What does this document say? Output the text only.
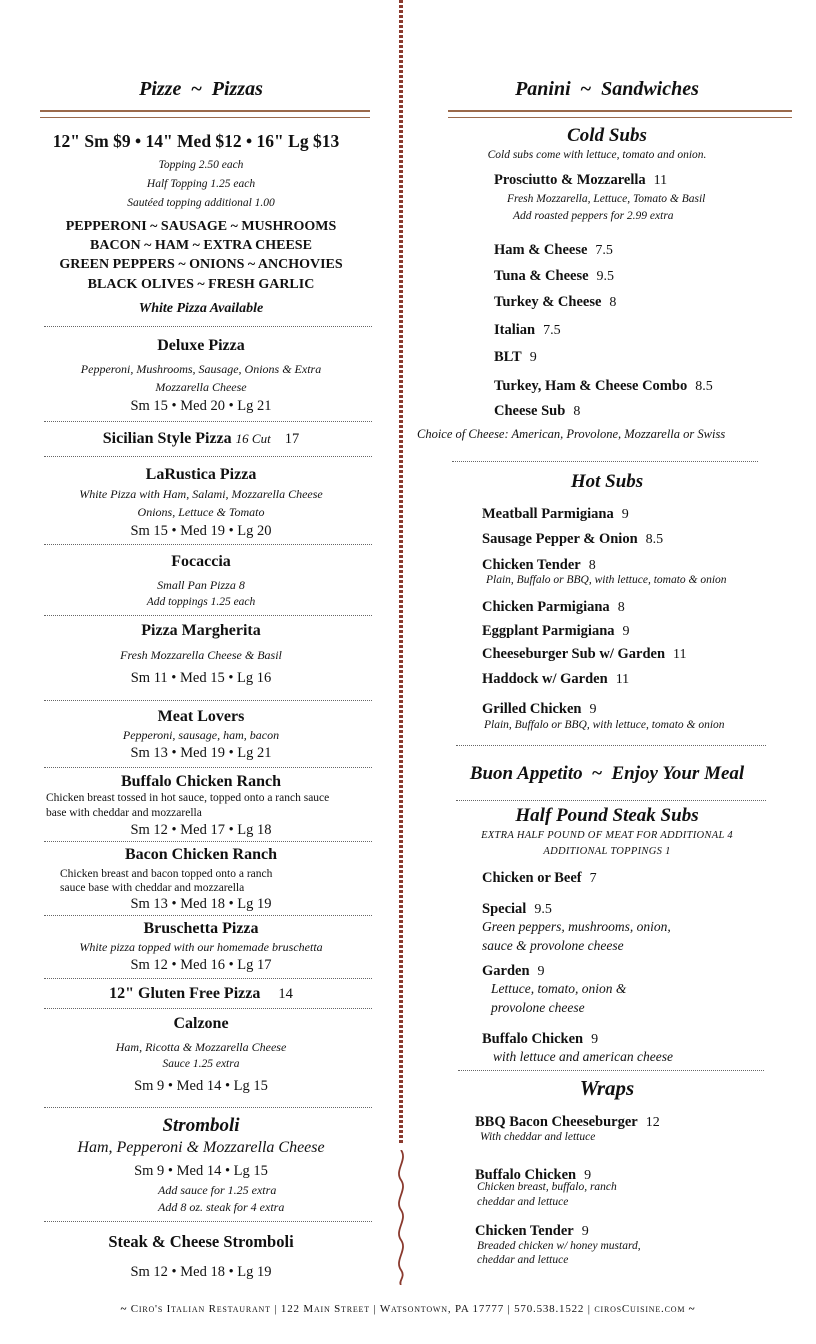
Pizze  ~  Pizzas
12" Sm $9 • 14" Med $12 • 16" Lg $13
Topping 2.50 each
Half Topping 1.25 each
Sautéed topping additional 1.00
PEPPERONI ~ SAUSAGE ~ MUSHROOMS
BACON ~ HAM ~ EXTRA CHEESE
GREEN PEPPERS ~ ONIONS ~ ANCHOVIES
BLACK OLIVES ~ FRESH GARLIC
White Pizza Available
Deluxe Pizza
Pepperoni, Mushrooms, Sausage, Onions & Extra
Mozzarella Cheese
Sm 15 • Med 20 • Lg 21
Sicilian Style Pizza 16 Cut 17
LaRustica Pizza
White Pizza with Ham, Salami, Mozzarella Cheese
Onions, Lettuce & Tomato
Sm 15 • Med 19 • Lg 20
Focaccia
Small Pan Pizza 8
Add toppings 1.25 each
Pizza Margherita
Fresh Mozzarella Cheese & Basil
Sm 11 • Med 15 • Lg 16
Meat Lovers
Pepperoni, sausage, ham, bacon
Sm 13 • Med 19 • Lg 21
Buffalo Chicken Ranch
Chicken breast tossed in hot sauce, topped onto a ranch sauce
base with cheddar and mozzarella
Sm 12 • Med 17 • Lg 18
Bacon Chicken Ranch
Chicken breast and bacon topped onto a ranch
sauce base with cheddar and mozzarella
Sm 13 • Med 18 • Lg 19
Bruschetta Pizza
White pizza topped with our homemade bruschetta
Sm 12 • Med 16 • Lg 17
12" Gluten Free Pizza 14
Calzone
Ham, Ricotta & Mozzarella Cheese
Sauce 1.25 extra
Sm 9 • Med 14 • Lg 15
Stromboli
Ham, Pepperoni & Mozzarella Cheese
Sm 9 • Med 14 • Lg 15
Add sauce for 1.25 extra
Add 8 oz. steak for 4 extra
Steak & Cheese Stromboli
Sm 12 • Med 18 • Lg 19
Panini  ~  Sandwiches
Cold Subs
Cold subs come with lettuce, tomato and onion.
Prosciutto & Mozzarella 11
Fresh Mozzarella, Lettuce, Tomato & Basil
Add roasted peppers for 2.99 extra
Ham & Cheese 7.5
Tuna & Cheese 9.5
Turkey & Cheese 8
Italian 7.5
BLT 9
Turkey, Ham & Cheese Combo 8.5
Cheese Sub 8
Choice of Cheese: American, Provolone, Mozzarella or Swiss
Hot Subs
Meatball Parmigiana 9
Sausage Pepper & Onion 8.5
Chicken Tender 8
Plain, Buffalo or BBQ, with lettuce, tomato & onion
Chicken Parmigiana 8
Eggplant Parmigiana 9
Cheeseburger Sub w/ Garden 11
Haddock w/ Garden 11
Grilled Chicken 9
Plain, Buffalo or BBQ, with lettuce, tomato & onion
Buon Appetito  ~  Enjoy Your Meal
Half Pound Steak Subs
EXTRA HALF POUND OF MEAT FOR ADDITIONAL 4
ADDITIONAL TOPPINGS 1
Chicken or Beef 7
Special 9.5
Green peppers, mushrooms, onion,
sauce & provolone cheese
Garden 9
Lettuce, tomato, onion &
provolone cheese
Buffalo Chicken 9
with lettuce and american cheese
Wraps
BBQ Bacon Cheeseburger 12
With cheddar and lettuce
Buffalo Chicken 9
Chicken breast, buffalo, ranch
cheddar and lettuce
Chicken Tender 9
Breaded chicken w/ honey mustard,
cheddar and lettuce
~ Ciro's Italian Restaurant | 122 Main Street | Watsontown, PA 17777 | 570.538.1522 | cirosCuisine.com ~
